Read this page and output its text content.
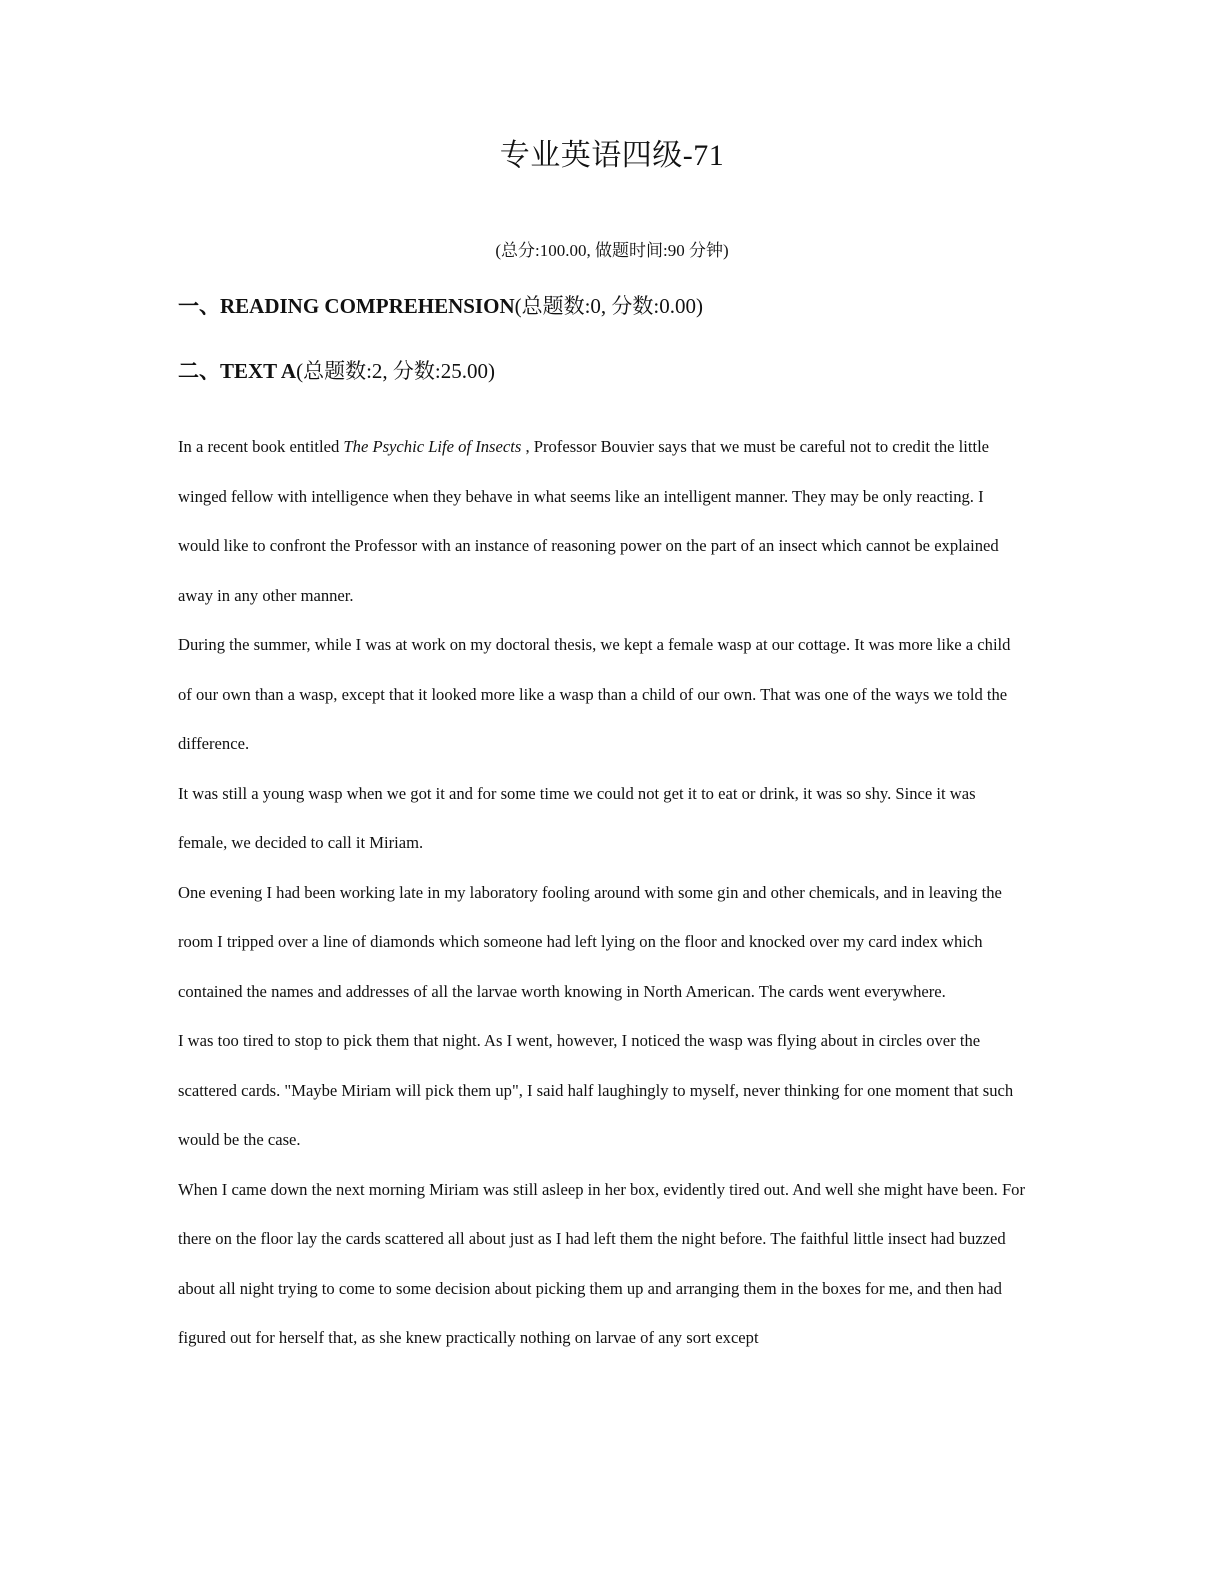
专业英语四级-71
(总分:100.00, 做题时间:90 分钟)
一、READING COMPREHENSION(总题数:0, 分数:0.00)
二、TEXT A(总题数:2, 分数:25.00)

In a recent book entitled The Psychic Life of Insects , Professor Bouvier says that we must be careful not to credit the little winged fellow with intelligence when they behave in what seems like an intelligent manner. They may be only reacting. I would like to confront the Professor with an instance of reasoning power on the part of an insect which cannot be explained away in any other manner.

During the summer, while I was at work on my doctoral thesis, we kept a female wasp at our cottage. It was more like a child of our own than a wasp, except that it looked more like a wasp than a child of our own. That was one of the ways we told the difference.

It was still a young wasp when we got it and for some time we could not get it to eat or drink, it was so shy. Since it was female, we decided to call it Miriam.

One evening I had been working late in my laboratory fooling around with some gin and other chemicals, and in leaving the room I tripped over a line of diamonds which someone had left lying on the floor and knocked over my card index which contained the names and addresses of all the larvae worth knowing in North American. The cards went everywhere.

I was too tired to stop to pick them that night. As I went, however, I noticed the wasp was flying about in circles over the scattered cards. "Maybe Miriam will pick them up", I said half laughingly to myself, never thinking for one moment that such would be the case.

When I came down the next morning Miriam was still asleep in her box, evidently tired out. And well she might have been. For there on the floor lay the cards scattered all about just as I had left them the night before. The faithful little insect had buzzed about all night trying to come to some decision about picking them up and arranging them in the boxes for me, and then had figured out for herself that, as she knew practically nothing on larvae of any sort except
